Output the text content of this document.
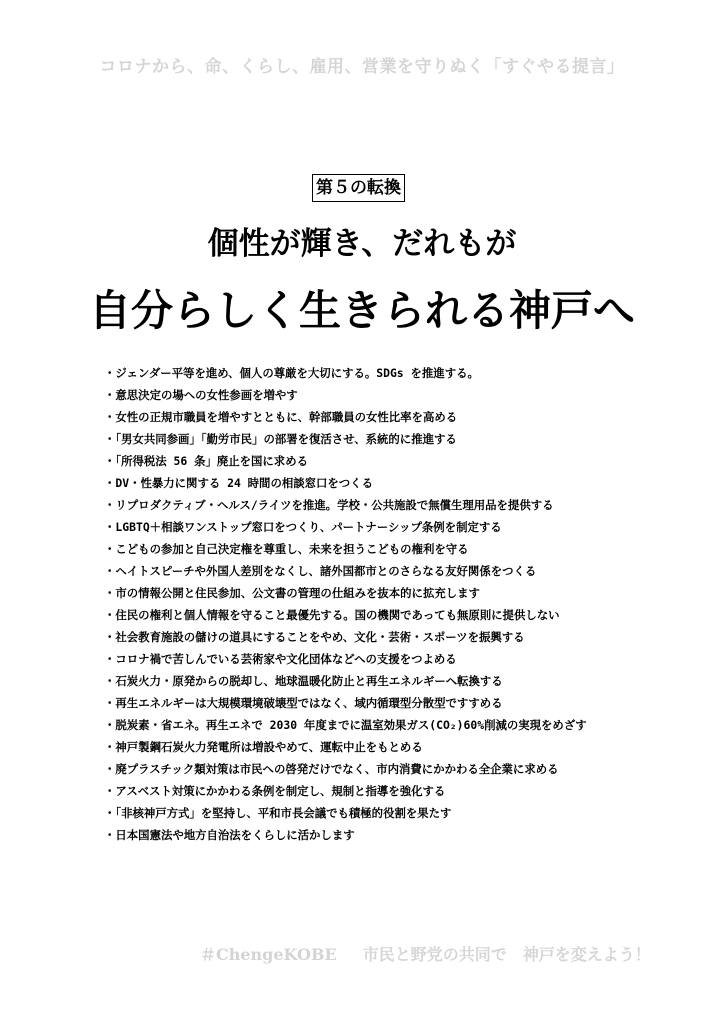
コロナから、命、くらし、雇用、営業を守りぬく「すぐやる提言」
第５の転換
個性が輝き、だれもが
自分らしく生きられる神戸へ
・ジェンダー平等を進め、個人の尊厳を大切にする。SDGs を推進する。
・意思決定の場への女性参画を増やす
・女性の正規市職員を増やすとともに、幹部職員の女性比率を高める
・「男女共同参画」「勤労市民」の部署を復活させ、系統的に推進する
・「所得税法 56 条」廃止を国に求める
・DV・性暴力に関する 24 時間の相談窓口をつくる
・リプロダクティブ・ヘルス/ライツを推進。学校・公共施設で無償生理用品を提供する
・LGBTQ＋相談ワンストップ窓口をつくり、パートナーシップ条例を制定する
・こどもの参加と自己決定権を尊重し、未来を担うこどもの権利を守る
・ヘイトスピーチや外国人差別をなくし、諸外国都市とのさらなる友好関係をつくる
・市の情報公開と住民参加、公文書の管理の仕組みを抜本的に拡充します
・住民の権利と個人情報を守ること最優先する。国の機関であっても無原則に提供しない
・社会教育施設の儲けの道具にすることをやめ、文化・芸術・スポーツを振興する
・コロナ禍で苦しんでいる芸術家や文化団体などへの支援をつよめる
・石炭火力・原発からの脱却し、地球温暖化防止と再生エネルギーへ転換する
・再生エネルギーは大規模環境破壊型ではなく、域内循環型分散型ですすめる
・脱炭素・省エネ。再生エネで 2030 年度までに温室効果ガス(CO₂)60%削減の実現をめざす
・神戸製鋼石炭火力発電所は増設やめて、運転中止をもとめる
・廃プラスチック類対策は市民への啓発だけでなく、市内消費にかかわる全企業に求める
・アスベスト対策にかかわる条例を制定し、規制と指導を強化する
・「非核神戸方式」を堅持し、平和市長会議でも積極的役割を果たす
・日本国憲法や地方自治法をくらしに活かします
＃ChengeKOBE 市民と野党の共同で　神戸を変えよう！
